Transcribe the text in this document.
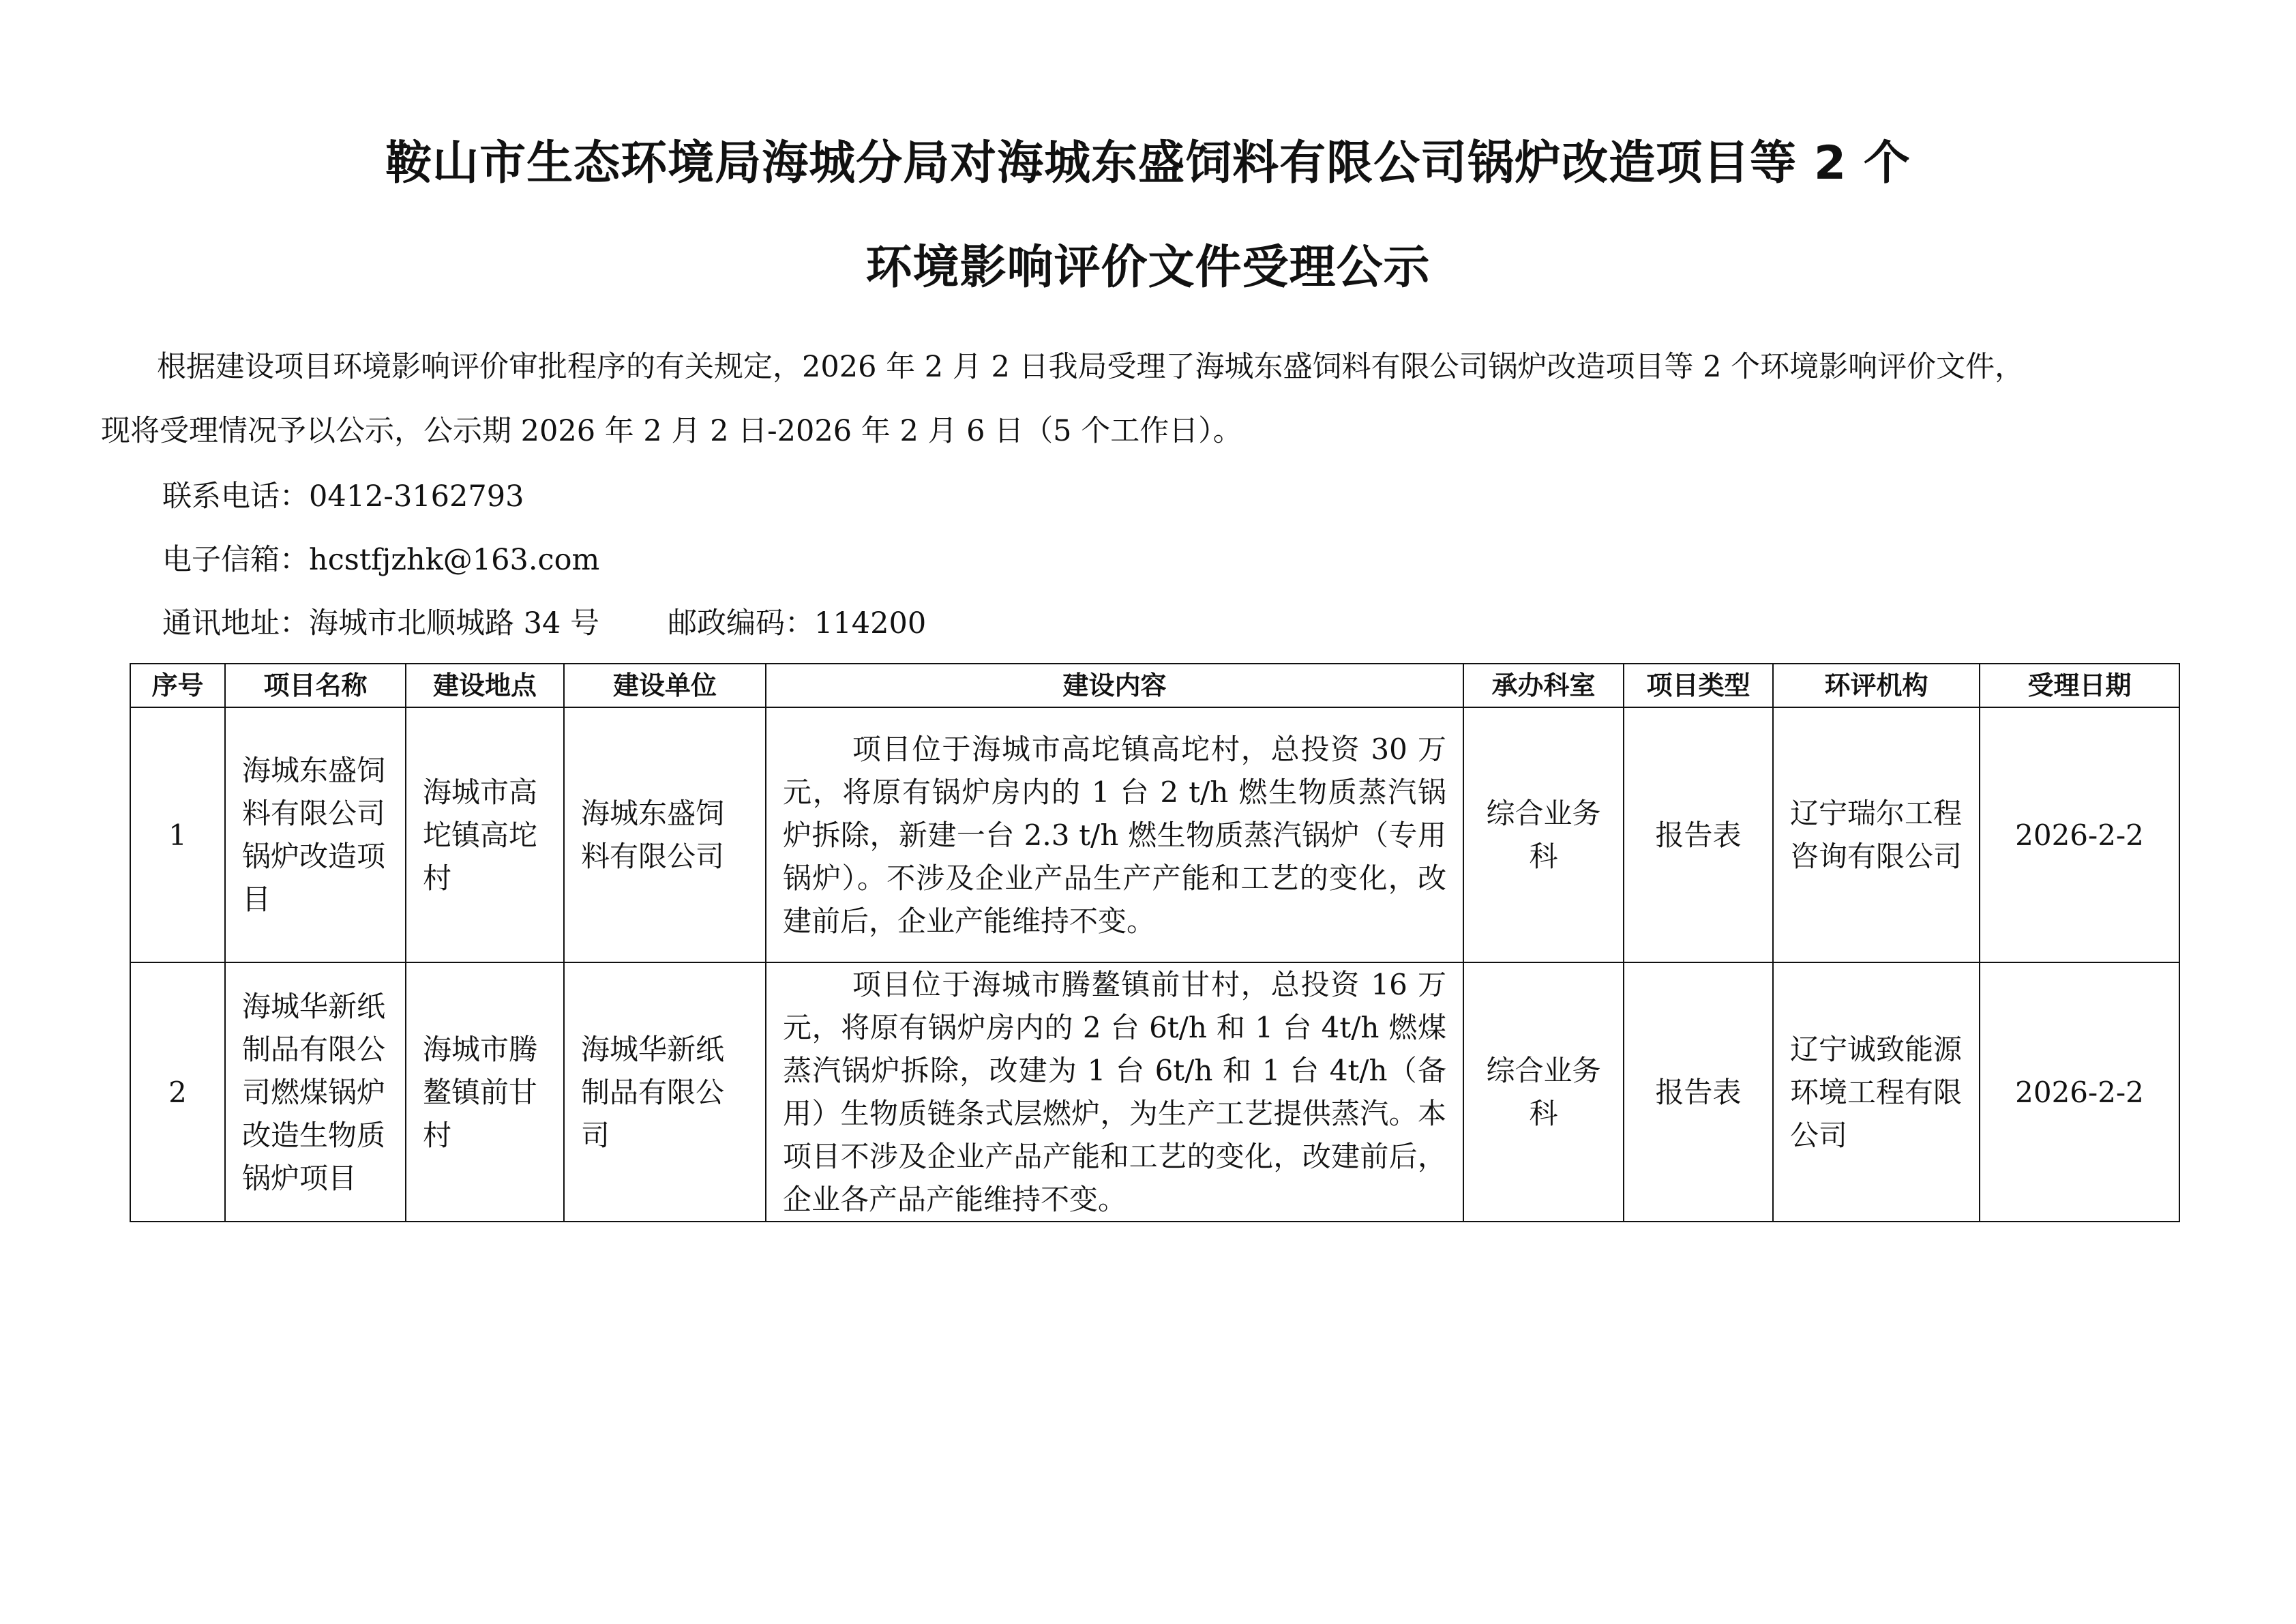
鞍山市生态环境局海城分局对海城东盛饲料有限公司锅炉改造项目等 2 个
环境影响评价文件受理公示
根据建设项目环境影响评价审批程序的有关规定，2026 年 2 月 2 日我局受理了海城东盛饲料有限公司锅炉改造项目等 2 个环境影响评价文件，
现将受理情况予以公示，公示期 2026 年 2 月 2 日-2026 年 2 月 6 日（5 个工作日）。
联系电话：0412-3162793
电子信箱：hcstfjzhk@163.com
通讯地址：海城市北顺城路 34 号 邮政编码：114200
序号	项目名称	建设地点	建设单位	建设内容	承办科室	项目类型	环评机构	受理日期
1	海城东盛饲料有限公司锅炉改造项目	海城市高坨镇高坨村	海城东盛饲料有限公司	项目位于海城市高坨镇高坨村，总投资 30 万元，将原有锅炉房内的 1 台 2 t/h 燃生物质蒸汽锅炉拆除，新建一台 2.3 t/h 燃生物质蒸汽锅炉（专用锅炉）。不涉及企业产品生产产能和工艺的变化，改建前后，企业产能维持不变。	综合业务科	报告表	辽宁瑞尔工程咨询有限公司	2026-2-2
2	海城华新纸制品有限公司燃煤锅炉改造生物质锅炉项目	海城市腾鳌镇前甘村	海城华新纸制品有限公司	项目位于海城市腾鳌镇前甘村，总投资 16 万元，将原有锅炉房内的 2 台 6t/h 和 1 台 4t/h 燃煤蒸汽锅炉拆除，改建为 1 台 6t/h 和 1 台 4t/h（备用）生物质链条式层燃炉，为生产工艺提供蒸汽。本项目不涉及企业产品产能和工艺的变化，改建前后，企业各产品产能维持不变。	综合业务科	报告表	辽宁诚致能源环境工程有限公司	2026-2-2
